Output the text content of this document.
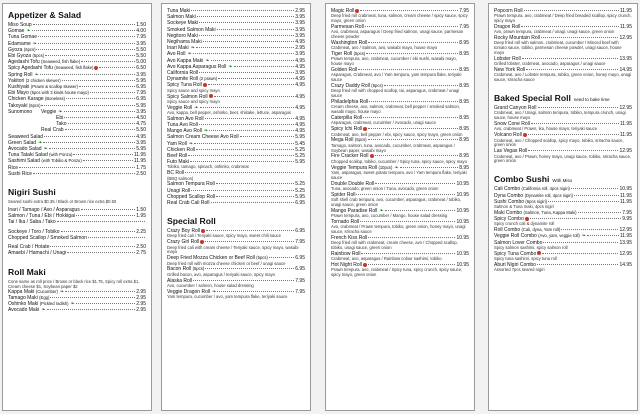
Appetizer & Salad
Miso Soup	1.50
Gomae ❧	4.00
Tuna Gomae	7.95
Edamame ❧	3.95
Gyoza (6pcs)	5.50
Ebi Gyoza (5pcs)	5.50
Agedashi Tofu (Seaweed, fish flake)	5.00
Spicy Agedashi Tofu (Seaweed, fish flake)	6.50
Spring Roll ❧	3.95
Yakitori (2 chicken skewer)	5.95
Kushiyaki (Prawn & scallop skewer)	6.95
Ebi Mayo (5pcs with 3 kinds house mayo)	7.95
Chicken Karage (Boneless)	6.95
Takoyaki (6pcs)	5.95
Sunomono	Veggie ❧	3.95
Ebi	4.50
Tako	4.75
Real Crab	5.50
Seaweed Salad	4.95
Green Salad ❧	3.95
Avocado Salad ❧	5.95
Tuna Tataki Salad (with Ponzu)	11.95
Sashimi Salad (with Tobiko & Ponzu)	11.95
Rice	1.75
Sushi Rice	2.50
Nigiri Sushi
Seared sushi extra $0.35 / Black or Brown rice extra $0.50
Inari / Tamago / Avo / Asparagus	1.50
Salmon / Tuna / Ebi / Hokkigai	1.95
Tai / Ika / Saba / Tako
Sockeye / Toro / Tobiko	2.25
Chopped Scallop / Smoked Salmon
Real Crab / Hotate	2.50
Amaebi / Hamachi / Unagi	2.75
Roll Maki
Cone same as roll price / Brown or black rice $1.75, Spicy roll extra $1, Cream cheese $1, Soybean paper $2
Kappa Maki (Cucumber) ❧	2.95
Tamago Maki (Egg)	2.95
Oshinko Maki (Pickled radish) ❧	2.95
Avocado Maki ❧	2.95
Tuna Maki	2.95
Salmon Maki	3.95
Sockeye Maki	3.95
Smoked Salmon Maki	3.95
Negitoro Maki	3.95
Negihama Maki	4.95
Inari Maki ❧	2.95
Avo Roll ❧	3.95
Avo Kappa Maki ❧	4.95
Avo Kappa Asparagus Roll ❧	4.95
California Roll	3.95
Dynamite Roll (2 prawn)	4.95
Spicy Tuna Roll	4.95
Spicy sauce and spicy mayo
Spicy Salmon Roll	4.95
Spicy sauce and spicy mayo
Veggie Roll ❧	4.95
Avo, kappa, bell pepper, oshinko, beet, shiitake, lettuce, asparagus
Salmon Avo Roll	4.95
Tuna Avo Roll	4.95
Mango Avo Roll ❧	4.95
Salmon Cream Cheese Avo Roll	5.95
Yam Roll ❧	5.45
Chicken Roll	5.25
Beef Roll	5.25
Futo Maki	5.95
Tobiko, tamago, spinach, oshinko, crabmeat
BC Roll
(BBQ salmon)
Salmon Tempura Roll	5.25
Unagi Roll	5.25
Chopped Scallop Roll	5.95
Real Crab Cali Roll	6.95
Special Roll
Crazy Boy Roll	6.95
Deep fried cali / Teriyaki sauce, spicy mayo, sweet chili sauce
Crazy Girl Roll	7.95
Deep fried cali with cream cheese / Teriyaki sauce, spicy mayo, wasabi mayo
Deep Fried Mozza Chicken or Beef Roll (5pcs)	6.95
Deep fried roll with mozza cheese chicken or beef / unagi sauce
Bacon Roll (5pcs)	6.95
Grilled bacon, avo, asparagus / teriyaki sauce, spicy mayo
Alaska Roll	7.95
Avo, cucumber / salmon, house salad dressing
Veggie Dragon Roll ❧	7.95
Yam tempura, cucumber / avo, yam tempura flake, teriyaki sauce
Magic Roll	7.95
Deep fried roll crabmeat, tuna, salmon, cream cheese / spicy sauce, spicy mayo, green onion
Parmesan Roll	7.95
Avo, crabmeat, asparagus / Deep fried salmon, unagi sauce, parmesan cheese powder
Washington Roll	8.95
Crabmeat, avo / Salmon, avo, wasabi mayo, house mayo
Tiger Roll (5pcs)	8.95
Prawn tempura, avo, crabmeat, cucumber / ebi sushi, wasabi mayo, house mayo
Golden Roll	8.95
Asparagus, Crabmeat, avo / Yam tempura, yam tempura flake, teriyaki sauce
Crazy Daddy Roll (5pcs)	8.95
Deep fried roll with chopped scallop, tai, asparagus, crabmeat / unagi sauce
Philadelphia Roll	8.95
Cream cheese, avo, salmon, crabmeat, bell pepper / smoked salmon, wasabi mayo, house mayo
Caterpilla Roll	8.95
Asparagus, crabmeat, cucumber / Avocado, unagi sauce
Spicy Ichi Roll	8.95
Crabmeat, avo, bell pepper / ebi, spicy sauce, spicy mayo, green onion
Mega Roll (5pcs)	8.95
Tamago, salmon, tuna, avocado, cucumber, crabmeat, asparagus / Soybean paper, wasabi mayo
Fire Cracker Roll	8.95
Chopped scallop, tobiko, cucumber / Spicy tuna, spicy sauce, spicy mayo
Veggie Tempura Roll (10pcs) ❧	8.95
Yam, asparagus, sweet potato tempura, avo / Yam tempura flake, teriyaki sauce
Double Double Roll	10.95
Tuna, avocado, green onion / Tuna, avocado, green onion
Spider Roll	10.95
Soft shell crab tempura, avo, cucumber, asparagus, crabmeat / tobiko, unagi sauce, green onion
Mango Paradise Roll ❧	10.95
Prawn tempura, avo, cucumber / Mango, house salad dressing
Tornado Roll	10.95
Avo, crabmeat / Prawn tempura, tobiko, green onion, honey mayo, unagi sauce, sriracha sauce
French Kiss Roll	10.95
Deep fried roll with crabmeat, cream cheese, avo / Chopped scallop, tobiko, unagi sauce, green onion
Rainbow Roll	10.95
Crabmeat, avo, asparagus / Rainbow colour sashimi, tobiko
Hot Night Roll	10.95
Prawn tempura, avo, crabmeat / Spicy tuna, spicy crunch, spicy sauce, spicy mayo, green onion
Popcorn Roll	11.95
Prawn tempura, avo, crabmeat / Deep fried breaded scallop, spicy crunch, spicy mayo
Dragon Roll	11.95
Avo, prawn tempura, crabmeat / unagi, unagi sauce, green onion
Rocky Mountain Roll	12.95
Deep fried roll with salmon, crabmeat, cucumber / Minced beef with tomato sauce, tobiko, parmesan cheese powder, unagi sauce, house mayo
Lobster Roll	13.95
Grilled lobster, crabmeat, avocado, asparagus / unagi sauce
New York Roll	14.95
Crabmeat, avo / Lobster tempura, tobiko, green onion, honey mayo, unagi sauce, sriracha sauce
Baked Special Roll need to bake time
Grand Canyon Roll	12.95
Crabmeat, avo / Unagi, salmon tempura, tobiko, tempura crunch, unagi sauce, house mayo
Snow Cone Roll	11.95
Avo, crabmeat / Prawn, ika, house mayo, teriyaki sauce
Volcano Roll	11.95
Crabmeat, avo / Chopped scallop, spicy mayo, tobiko, sriracha sauce, green onion
Las Vegas Roll	12.95
Crabmeat, avo / Prawn, honey mayo, unagi sauce, tobiko, sriracha sauce, green onion
Combo Sushi With Miso
Cali Combo (California roll, 4pcs nigiri)	10.95
Dyna Combo (Dynamite roll, 4pcs nigiri)	11.95
Sushi Combo (6pcs nigiri)	11.95
Salmon & Tuna maki, 4pcs nigiri
Maki Combo (Salmon, Tuna, Kappa Maki)	7.95
Spicy Combo	9.95
Spicy crunch cali & dynamite roll
Roll Combo (Cali, dyna, Yam roll)	12.95
Veggie Roll Combo (Avo, yam, veggie roll) ❧	11.95
Salmon Lover Combo	13.95
Spicy salmon sashimi, spicy salmon roll
Spicy Tuna Combo	12.95
Spicy tuna sashimi, spicy tuna roll
Aburi Nigiri Combo	14.95
Assorted 7pcs seared nigiri
